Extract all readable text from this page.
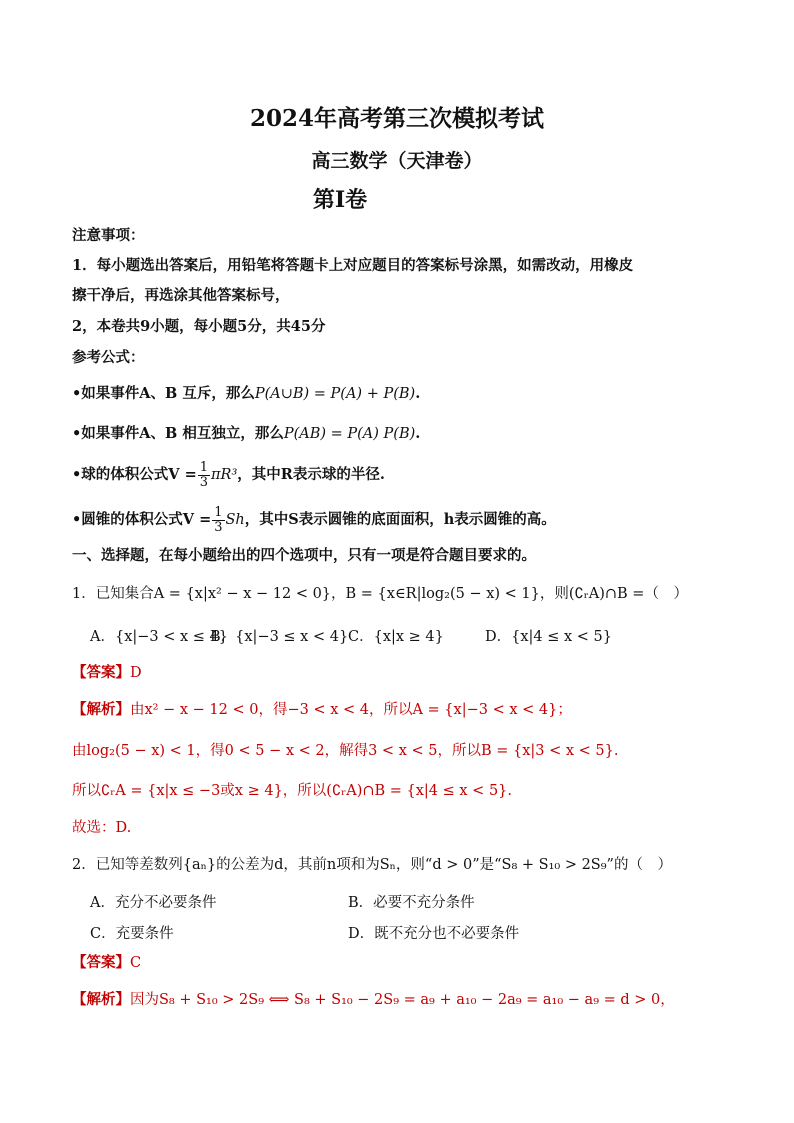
2024年高考第三次模拟考试
高三数学（天津卷）
第I卷
注意事项：
1．每小题选出答案后，用铅笔将答题卡上对应题目的答案标号涂黑，如需改动，用橡皮
擦干净后，再选涂其他答案标号，
2，本卷共9小题，每小题5分，共45分
参考公式：
•如果事件A、B 互斥，那么P(A∪B) = P(A) + P(B).
•如果事件A、B 相互独立，那么P(AB) = P(A) P(B).
•球的体积公式$V = \frac{1}{3} \pi R^3$，其中R表示球的半径.
•圆锥的体积公式$V = \frac{1}{3}$ Sh，其中S表示圆锥的底面面积，h表示圆锥的高。
一、选择题，在每小题给出的四个选项中，只有一项是符合题目要求的。
1．已知集合A = {x|x² − x − 12 < 0}，B = {x∈R|log₂(5 − x) < 1}，则(∁ᵣA)∩B =（　）
A．{x|−3 < x ≤ 4}
B．{x|−3 ≤ x < 4} C．{x|x ≥ 4}	D．{x|4 ≤ x < 5}
【答案】D
【解析】由x² − x − 12 < 0，得−3 < x < 4，所以A = {x|−3 < x < 4}；
由log₂(5 − x) < 1，得0 < 5 − x < 2，解得3 < x < 5，所以B = {x|3 < x < 5}.
所以∁ᵣA = {x|x ≤ −3或x ≥ 4}，所以(∁ᵣA)∩B = {x|4 ≤ x < 5}.
故选：D.
2．已知等差数列{aₙ}的公差为d，其前n项和为Sₙ，则“d > 0”是“S₈ + S₁₀ > 2S₉”的（　）
A．充分不必要条件	B．必要不充分条件
C．充要条件	D．既不充分也不必要条件
【答案】C
【解析】因为S₈ + S₁₀ > 2S₉ ⟺ S₈ + S₁₀ − 2S₉ = a₉ + a₁₀ − 2a₉ = a₁₀ − a₉ = d > 0，
